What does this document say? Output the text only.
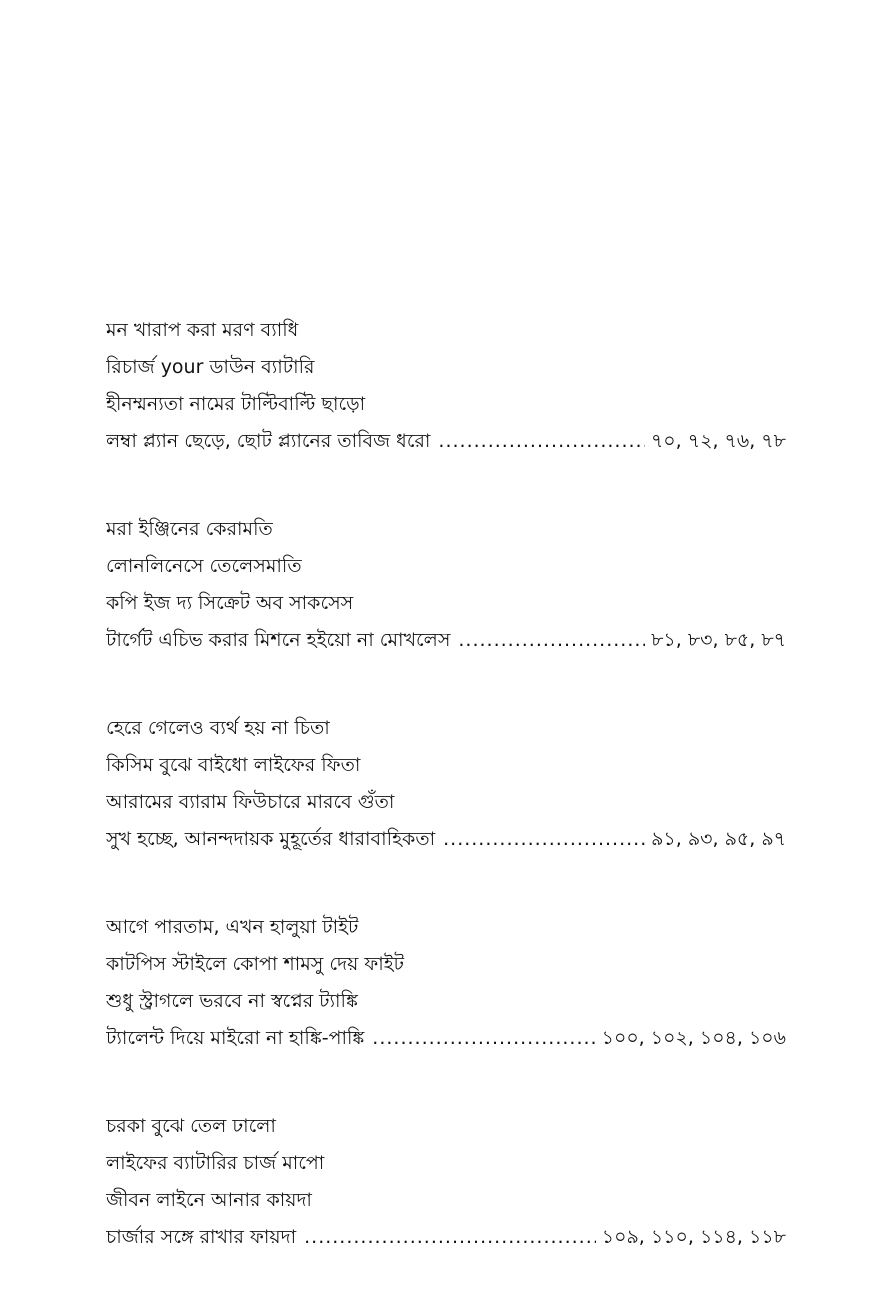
মন খারাপ করা মরণ ব্যাধি
রিচার্জ your ডাউন ব্যাটারি
হীনম্মন্যতা নামের টাল্টিবাল্টি ছাড়ো
লম্বা প্ল্যান ছেড়ে, ছোট প্ল্যানের তাবিজ ধরো .....	৭০, ৭২, ৭৬, ৭৮
মরা ইঞ্জিনের কেরামতি
লোনলিনেসে তেলেসমাতি
কপি ইজ দ্য সিক্রেট অব সাকসেস
টার্গেট এচিভ করার মিশনে হইয়ো না মোখলেস .....	৮১, ৮৩, ৮৫, ৮৭
হেরে গেলেও ব্যর্থ হয় না চিতা
কিসিম বুঝে বাইধো লাইফের ফিতা
আরামের ব্যারাম ফিউচারে মারবে গুঁতা
সুখ হচ্ছে, আনন্দদায়ক মুহূর্তের ধারাবাহিকতা .....	৯১, ৯৩, ৯৫, ৯৭
আগে পারতাম, এখন হালুয়া টাইট
কাটপিস স্টাইলে কোপা শামসু দেয় ফাইট
শুধু স্ট্রাগলে ভরবে না স্বপ্নের ট্যাঙ্কি
ট্যালেন্ট দিয়ে মাইরো না হাঙ্কি-পাঙ্কি .....	১০০, ১০২, ১০৪, ১০৬
চরকা বুঝে তেল ঢালো
লাইফের ব্যাটারির চার্জ মাপো
জীবন লাইনে আনার কায়দা
চার্জার সঙ্গে রাখার ফায়দা .....	১০৯, ১১০, ১১৪, ১১৮
